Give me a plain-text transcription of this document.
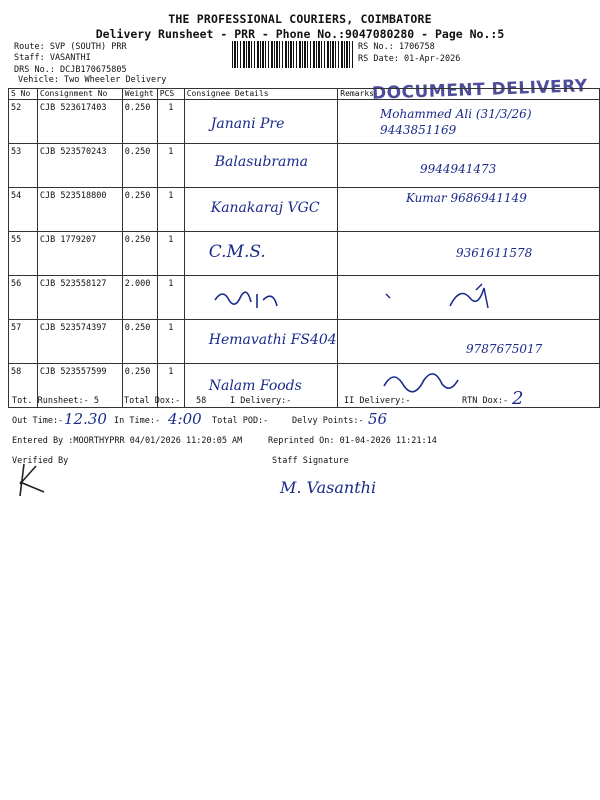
THE PROFESSIONAL COURIERS, COIMBATORE
Delivery Runsheet - PRR - Phone No.:9047080280 - Page No.:5
Route: SVP (SOUTH) PRR
Staff: VASANTHI
DRS No.: DCJB170675805
Vehicle: Two Wheeler Delivery
RS No.: 1706758
RS Date: 01-Apr-2026
DOCUMENT DELIVERY
S No	Consignment No	Weight	PCS	Consignee Details	Remarks	
52	CJB 523617403	0.250	1	Janani Pre		Mohammed Ali (31/3/26) 9443851169

53	CJB 523570243	0.250	1	Balasubrama		9944941473

54	CJB 523518800	0.250	1	Kanakaraj VGC		Kumar 9686941149

55	CJB 1779207	0.250	1	C.M.S.		9361611578

56	CJB 523558127	2.000	1	

57	CJB 523574397	0.250	1	Hemavathi FS404		9787675017

58	CJB 523557599	0.250	1	Nalam Foods

Tot. Runsheet:- 5	Total Dox:- 58	I Delivery:-	II Delivery:-	RTN Dox:- 2
Out Time:- 12.30 In Time:- 4:00 Total POD:-	Delvy Points:- 56
Entered By :MOORTHYPRR 04/01/2026 11:20:05 AM	Reprinted On: 01-04-2026 11:21:14
Verified By	Staff Signature
M. Vasanthi
